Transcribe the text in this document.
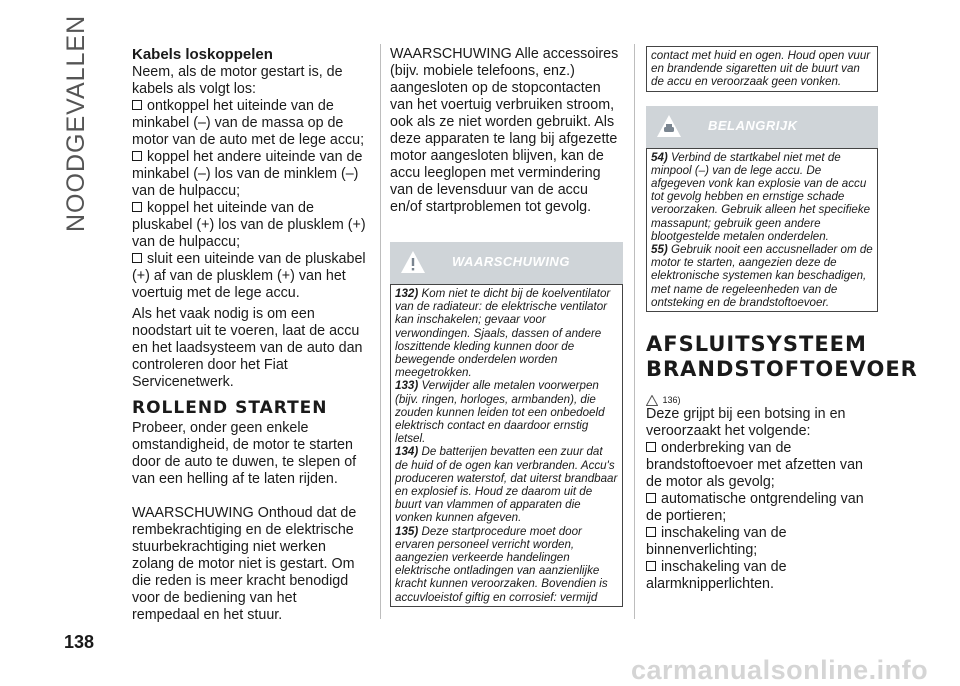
NOODGEVALLEN	Kabels loskoppelen

Neem, als de motor gestart is, de kabels als volgt los:

ontkoppel het uiteinde van de minkabel (–) van de massa op de motor van de auto met de lege accu;

koppel het andere uiteinde van de minkabel (–) los van de minklem (–) van de hulpaccu;

koppel het uiteinde van de pluskabel (+) los van de plusklem (+) van de hulpaccu;

sluit een uiteinde van de pluskabel (+) af van de plusklem (+) van het voertuig met de lege accu.

Als het vaak nodig is om een noodstart uit te voeren, laat de accu en het laadsysteem van de auto dan controleren door het Fiat Servicenetwerk.

ROLLEND STARTEN

Probeer, onder geen enkele omstandigheid, de motor te starten door de auto te duwen, te slepen of van een helling af te laten rijden.

WAARSCHUWING Onthoud dat de rembekrachtiging en de elektrische stuurbekrachtiging niet werken zolang de motor niet is gestart. Om die reden is meer kracht benodigd voor de bediening van het rempedaal en het stuur.

WAARSCHUWING Alle accessoires (bijv. mobiele telefoons, enz.) aangesloten op de stopcontacten van het voertuig verbruiken stroom, ook als ze niet worden gebruikt. Als deze apparaten te lang bij afgezette motor aangesloten blijven, kan de accu leeglopen met vermindering van de levensduur van de accu en/of startproblemen tot gevolg.

WAARSCHUWING

132) Kom niet te dicht bij de koelventilator van de radiateur: de elektrische ventilator kan inschakelen; gevaar voor verwondingen. Sjaals, dassen of andere loszittende kleding kunnen door de bewegende onderdelen worden meegetrokken.

133) Verwijder alle metalen voorwerpen (bijv. ringen, horloges, armbanden), die zouden kunnen leiden tot een onbedoeld elektrisch contact en daardoor ernstig letsel.

134) De batterijen bevatten een zuur dat de huid of de ogen kan verbranden. Accu's produceren waterstof, dat uiterst brandbaar en explosief is. Houd ze daarom uit de buurt van vlammen of apparaten die vonken kunnen afgeven.

135) Deze startprocedure moet door ervaren personeel verricht worden, aangezien verkeerde handelingen elektrische ontladingen van aanzienlijke kracht kunnen veroorzaken. Bovendien is accuvloeistof giftig en corrosief: vermijd

contact met huid en ogen. Houd open vuur en brandende sigaretten uit de buurt van de accu en veroorzaak geen vonken.

BELANGRIJK

54) Verbind de startkabel niet met de minpool (–) van de lege accu. De afgegeven vonk kan explosie van de accu tot gevolg hebben en ernstige schade veroorzaken. Gebruik alleen het specifieke massapunt; gebruik geen andere blootgestelde metalen onderdelen.

55) Gebruik nooit een accusnellader om de motor te starten, aangezien deze de elektronische systemen kan beschadigen, met name de regeleenheden van de ontsteking en de brandstoftoevoer.

AFSLUITSYSTEEM

BRANDSTOFTOEVOER

136)

Deze grijpt bij een botsing in en veroorzaakt het volgende:

onderbreking van de brandstoftoevoer met afzetten van de motor als gevolg;

automatische ontgrendeling van de portieren;

inschakeling van de binnenverlichting;

inschakeling van de alarmknipperlichten.

138
carmanualsonline.info
